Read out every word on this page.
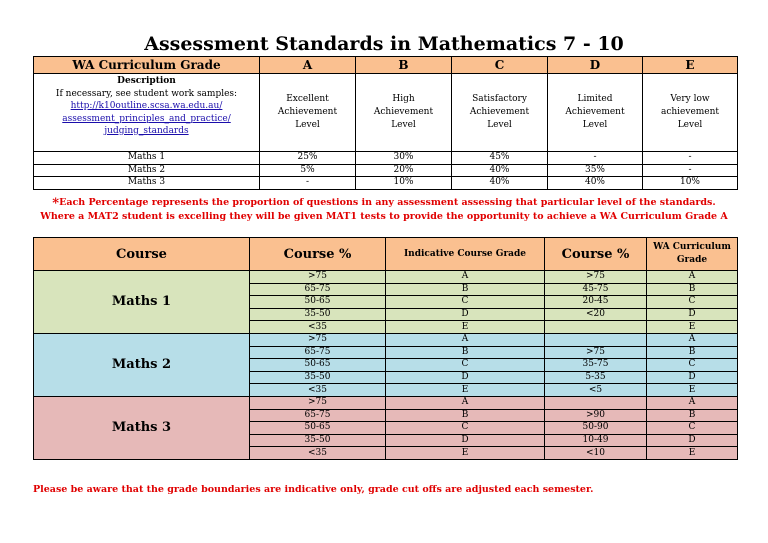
Assessment Standards in Mathematics 7 - 10
WA Curriculum Grade	A	B	C	D	E
Description
If necessary, see student work samples:
http://k10outline.scsa.wa.edu.au/
assessment_principles_and_practice/
judging_standards	Excellent
Achievement
Level	High
Achievement
Level	Satisfactory
Achievement
Level	Limited
Achievement
Level	Very low
achievement
Level
Maths 1	25%	30%	45%	-	-
Maths 2	5%	20%	40%	35%	-
Maths 3	-	10%	40%	40%	10%
*Each Percentage represents the proportion of questions in any assessment assessing that particular level of the standards.
Where a MAT2 student is excelling they will be given MAT1 tests to provide the opportunity to achieve a WA Curriculum Grade A
Course	Course %	Indicative Course Grade	Course %	WA Curriculum Grade
Maths 1	>75	A	>75	A
	65-75	B	45-75	B
	50-65	C	20-45	C
	35-50	D	<20	D
	<35	E		E
Maths 2	>75	A		A
	65-75	B	>75	B
	50-65	C	35-75	C
	35-50	D	5-35	D
	<35	E	<5	E
Maths 3	>75	A		A
	65-75	B	>90	B
	50-65	C	50-90	C
	35-50	D	10-49	D
	<35	E	<10	E
Please be aware that the grade boundaries are indicative only, grade cut offs are adjusted each semester.
